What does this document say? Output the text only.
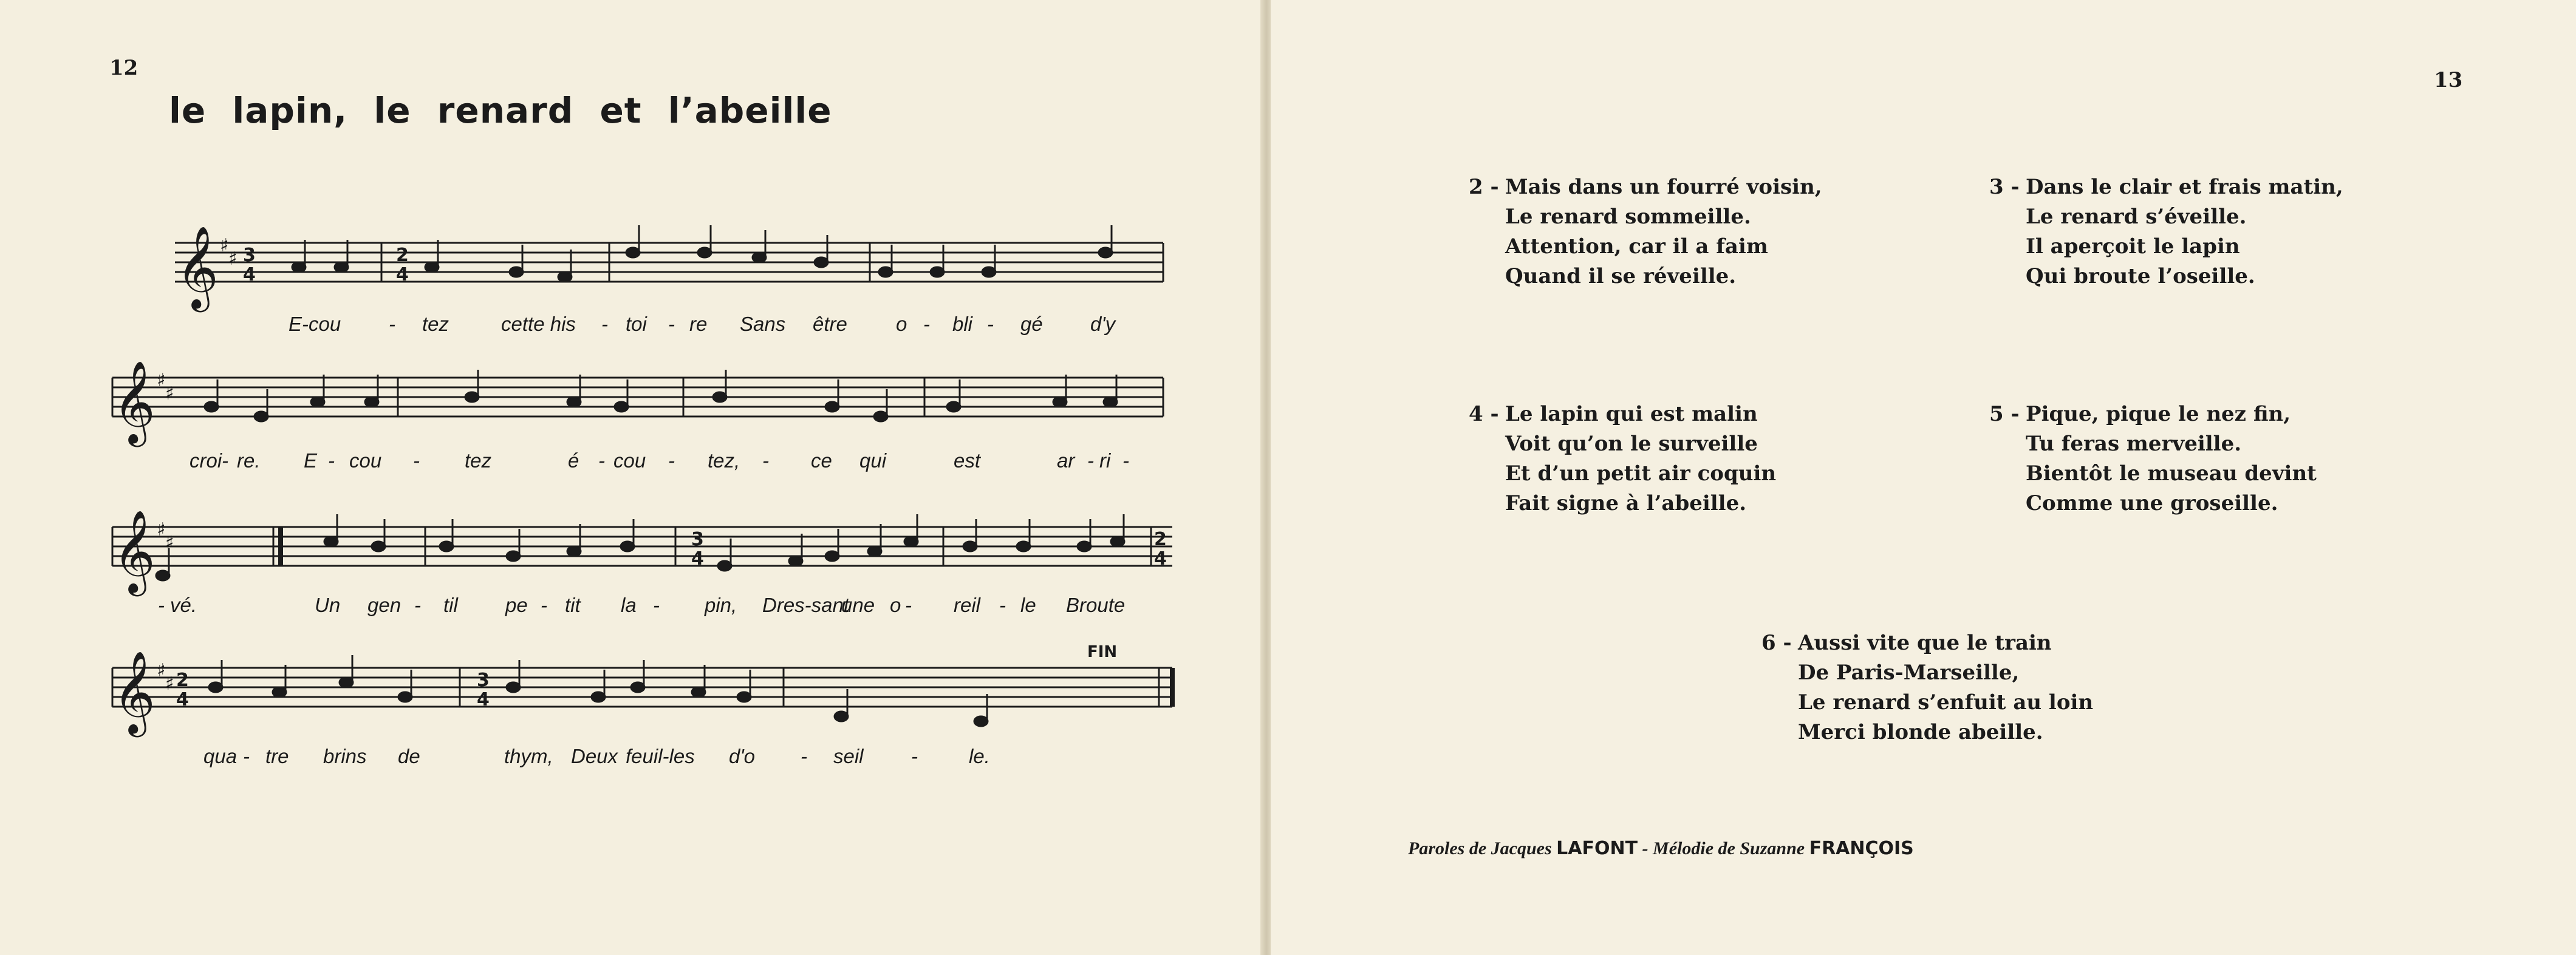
12
le lapin, le renard et l’abeille
𝄞
𝄞
𝄞
𝄞
♯
♯
♯
♯
♯
♯
♯
♯
3
4
2
4
3
4
2
4
2
4
3
4
FIN
E-cou - tez	cette his - toi - re Sans être o - bli - gé d'y
croi - re. E - cou - tez	é - cou - tez, - ce qui	est	ar - ri -
- vé.	Un gen - til pe - tit la - pin, Dres-sant
une o - reil - le Broute
qua - tre brins de	thym, Deux feuil-les d'o - seil -	le.
13
2 - Mais dans un fourré voisin,
Le renard sommeille.
Attention, car il a faim
Quand il se réveille.
3 - Dans le clair et frais matin,
Le renard s’éveille.
Il aperçoit le lapin
Qui broute l’oseille.
4 - Le lapin qui est malin
Voit qu’on le surveille
Et d’un petit air coquin
Fait signe à l’abeille.
5 - Pique, pique le nez fin,
Tu feras merveille.
Bientôt le museau devint
Comme une groseille.
6 - Aussi vite que le train
De Paris-Marseille,
Le renard s’enfuit au loin
Merci blonde abeille.
Paroles de Jacques LAFONT - Mélodie de Suzanne FRANÇOIS
